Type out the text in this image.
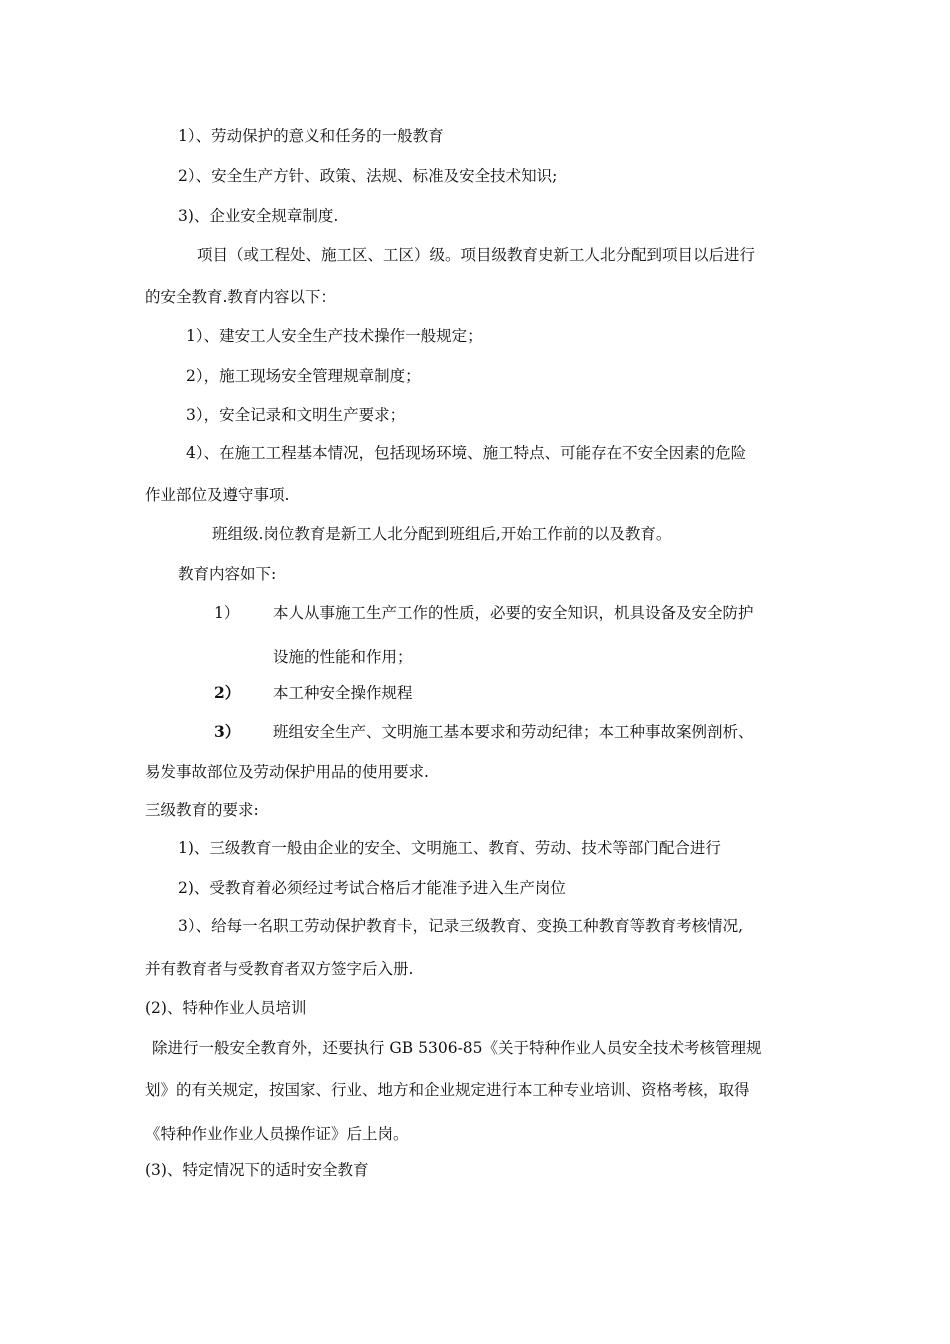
1）、劳动保护的意义和任务的一般教育
2）、安全生产方针、政策、法规、标准及安全技术知识;
3)、企业安全规章制度.
项目（或工程处、施工区、工区）级。项目级教育史新工人北分配到项目以后进行
的安全教育.教育内容以下：
1）、建安工人安全生产技术操作一般规定；
2），施工现场安全管理规章制度；
3），安全记录和文明生产要求；
4）、在施工工程基本情况，包括现场环境、施工特点、可能存在不安全因素的危险
作业部位及遵守事项.
班组级.岗位教育是新工人北分配到班组后,开始工作前的以及教育。
教育内容如下:
1） 本人从事施工生产工作的性质，必要的安全知识，机具设备及安全防护
设施的性能和作用；
2） 本工种安全操作规程
3） 班组安全生产、文明施工基本要求和劳动纪律；本工种事故案例剖析、
易发事故部位及劳动保护用品的使用要求.
三级教育的要求:
1)、三级教育一般由企业的安全、文明施工、教育、劳动、技术等部门配合进行
2)、受教育着必须经过考试合格后才能准予进入生产岗位
3）、给每一名职工劳动保护教育卡，记录三级教育、变换工种教育等教育考核情况,
并有教育者与受教育者双方签字后入册.
(2)、特种作业人员培训
除进行一般安全教育外，还要执行 GB 5306-85《关于特种作业人员安全技术考核管理规
划》的有关规定，按国家、行业、地方和企业规定进行本工种专业培训、资格考核，取得
《特种作业作业人员操作证》后上岗。
(3)、特定情况下的适时安全教育
